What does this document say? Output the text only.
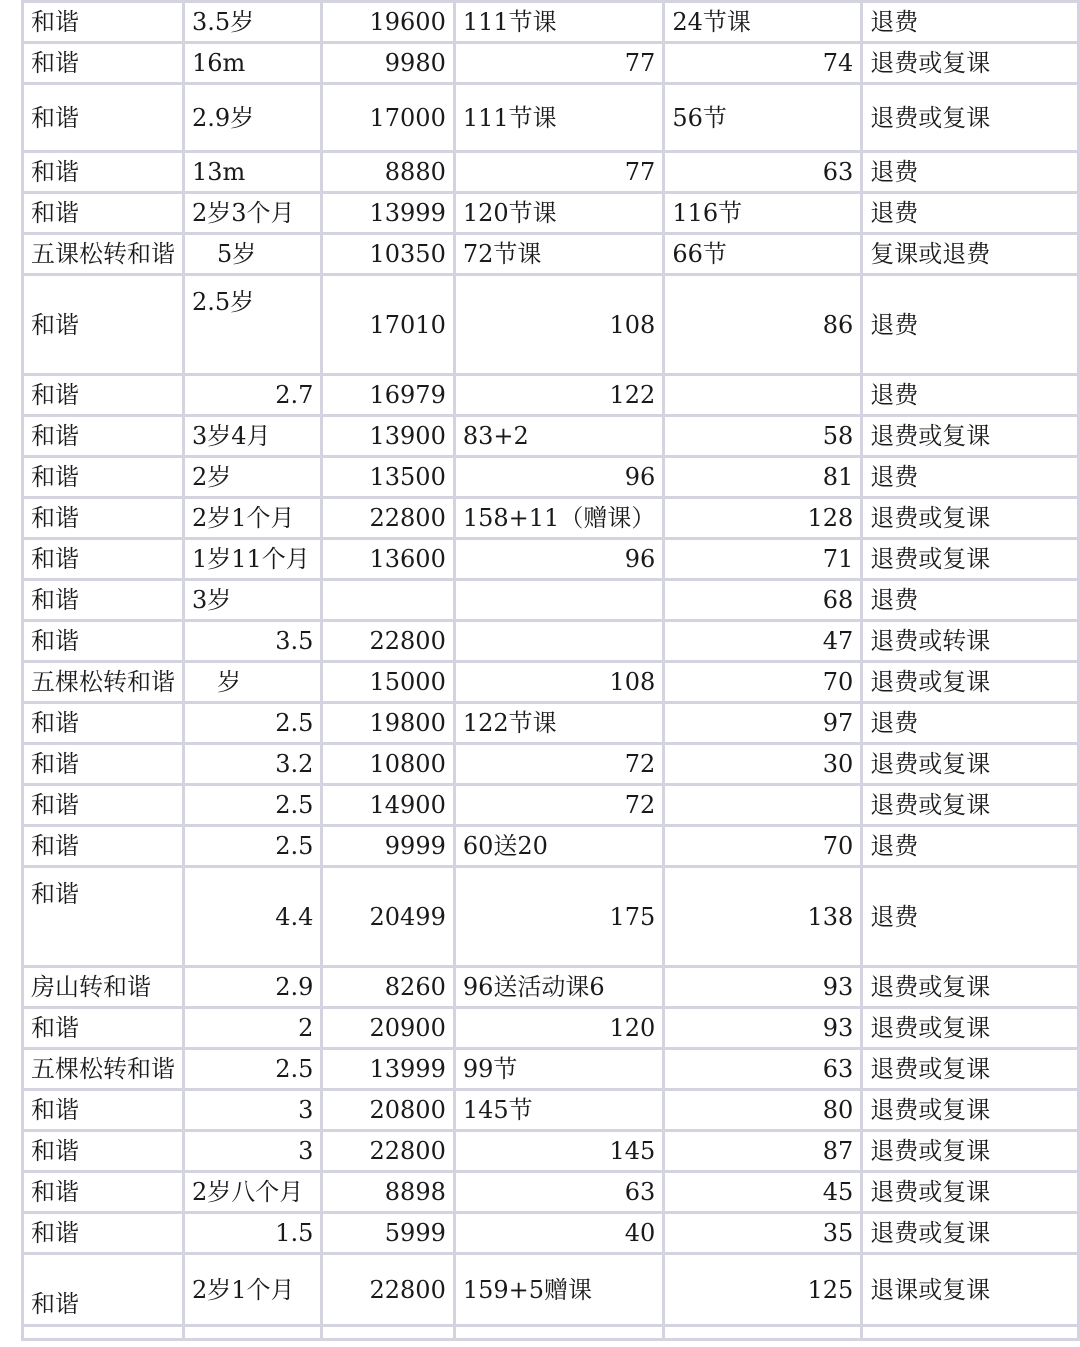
和谐	3.5岁	19600	111节课	24节课	退费
和谐	16m	9980	77	74	退费或复课
和谐	2.9岁	17000	111节课	56节	退费或复课
和谐	13m	8880	77	63	退费
和谐	2岁3个月	13999	120节课	116节	退费
五课松转和谐	5岁	10350	72节课	66节	复课或退费
和谐	2.5岁	17010	108	86	退费
和谐	2.7	16979	122		退费
和谐	3岁4月	13900	83+2	58	退费或复课
和谐	2岁	13500	96	81	退费
和谐	2岁1个月	22800	158+11（赠课）	128	退费或复课
和谐	1岁11个月	13600	96	71	退费或复课
和谐	3岁			68	退费
和谐	3.5	22800		47	退费或转课
五棵松转和谐	岁	15000	108	70	退费或复课
和谐	2.5	19800	122节课	97	退费
和谐	3.2	10800	72	30	退费或复课
和谐	2.5	14900	72		退费或复课
和谐	2.5	9999	60送20	70	退费
和谐	4.4	20499	175	138	退费
房山转和谐	2.9	8260	96送活动课6	93	退费或复课
和谐	2	20900	120	93	退费或复课
五棵松转和谐	2.5	13999	99节	63	退费或复课
和谐	3	20800	145节	80	退费或复课
和谐	3	22800	145	87	退费或复课
和谐	2岁八个月	8898	63	45	退费或复课
和谐	1.5	5999	40	35	退费或复课
和谐	2岁1个月	22800	159+5赠课	125	退课或复课
